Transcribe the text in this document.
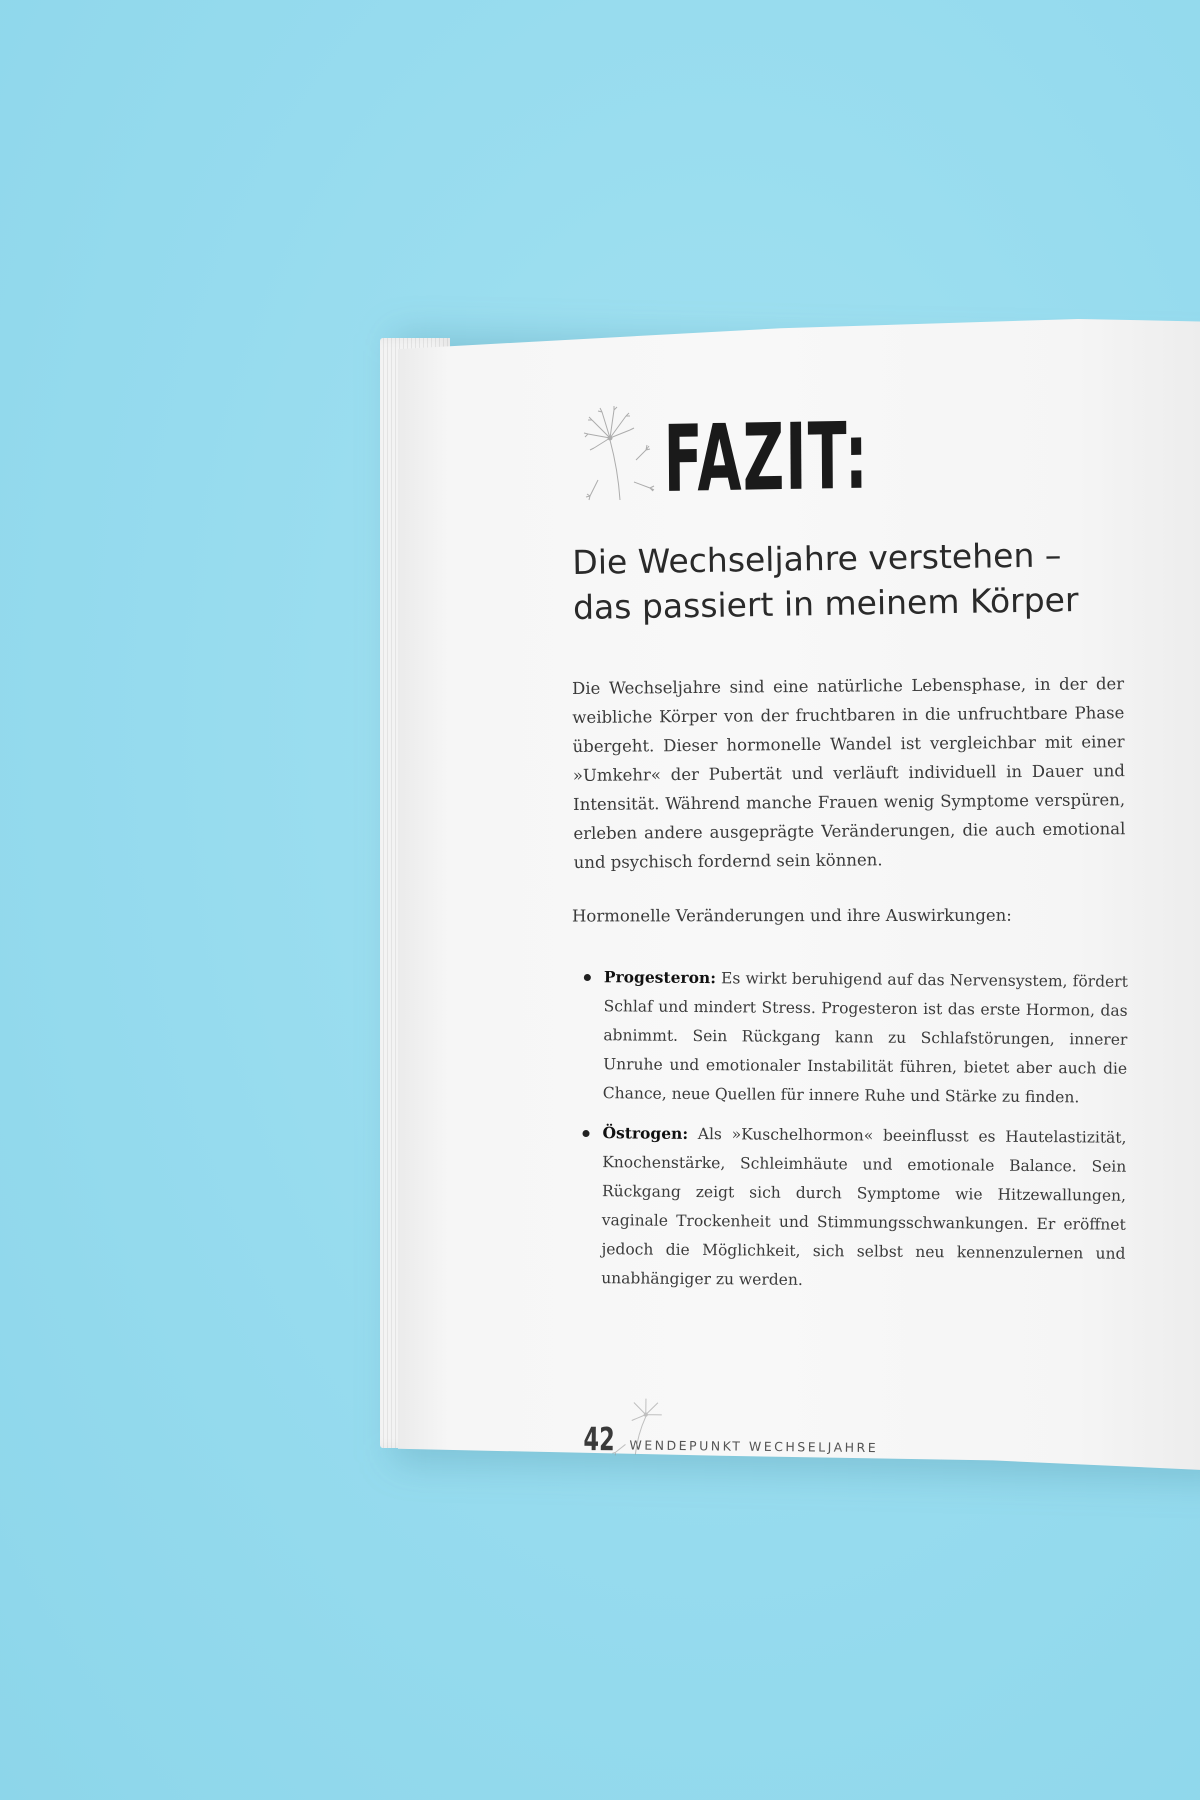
FAZIT:
Die Wechseljahre verstehen –
das passiert in meinem Körper
Die Wechseljahre sind eine natürliche Lebensphase, in der der weibliche Körper von der fruchtbaren in die unfruchtbare Phase übergeht. Dieser hormonelle Wandel ist vergleichbar mit einer »Umkehr« der Pubertät und verläuft individuell in Dauer und Intensität. Während manche Frauen wenig Symptome verspüren, erleben andere ausgeprägte Veränderungen, die auch emotional und psychisch fordernd sein können.
Hormonelle Veränderungen und ihre Auswirkungen:
Progesteron: Es wirkt beruhigend auf das Nervensystem, fördert Schlaf und mindert Stress. Progesteron ist das erste Hormon, das abnimmt. Sein Rückgang kann zu Schlafstörungen, innerer Unruhe und emotionaler Instabilität führen, bietet aber auch die Chance, neue Quellen für innere Ruhe und Stärke zu finden.
Östrogen: Als »Kuschelhormon« beeinflusst es Hautelastizität, Knochenstärke, Schleimhäute und emotionale Balance. Sein Rückgang zeigt sich durch Symptome wie Hitzewallungen, vaginale Trockenheit und Stimmungsschwankungen. Er eröffnet jedoch die Möglichkeit, sich selbst neu kennenzulernen und unabhängiger zu werden.
42 WENDEPUNKT WECHSELJAHRE
